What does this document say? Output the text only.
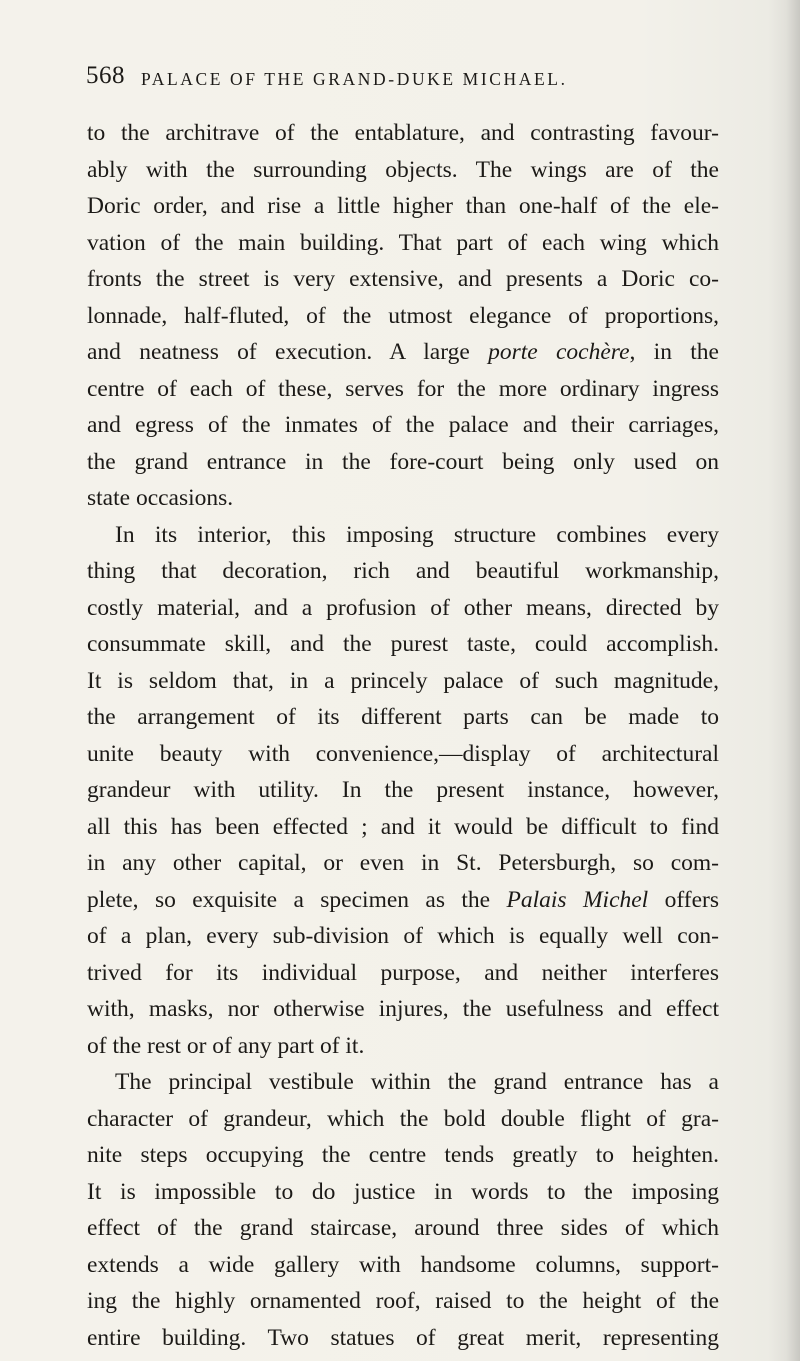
568 PALACE OF THE GRAND-DUKE MICHAEL.
to the architrave of the entablature, and contrasting favour-
ably with the surrounding objects. The wings are of the
Doric order, and rise a little higher than one-half of the ele-
vation of the main building. That part of each wing which
fronts the street is very extensive, and presents a Doric co-
lonnade, half-fluted, of the utmost elegance of proportions,
and neatness of execution. A large porte cochère, in the
centre of each of these, serves for the more ordinary ingress
and egress of the inmates of the palace and their carriages,
the grand entrance in the fore-court being only used on
state occasions.
In its interior, this imposing structure combines every
thing that decoration, rich and beautiful workmanship,
costly material, and a profusion of other means, directed by
consummate skill, and the purest taste, could accomplish.
It is seldom that, in a princely palace of such magnitude,
the arrangement of its different parts can be made to
unite beauty with convenience,—display of architectural
grandeur with utility. In the present instance, however,
all this has been effected ; and it would be difficult to find
in any other capital, or even in St. Petersburgh, so com-
plete, so exquisite a specimen as the Palais Michel offers
of a plan, every sub-division of which is equally well con-
trived for its individual purpose, and neither interferes
with, masks, nor otherwise injures, the usefulness and effect
of the rest or of any part of it.
The principal vestibule within the grand entrance has a
character of grandeur, which the bold double flight of gra-
nite steps occupying the centre tends greatly to heighten.
It is impossible to do justice in words to the imposing
effect of the grand staircase, around three sides of which
extends a wide gallery with handsome columns, support-
ing the highly ornamented roof, raised to the height of the
entire building. Two statues of great merit, representing
